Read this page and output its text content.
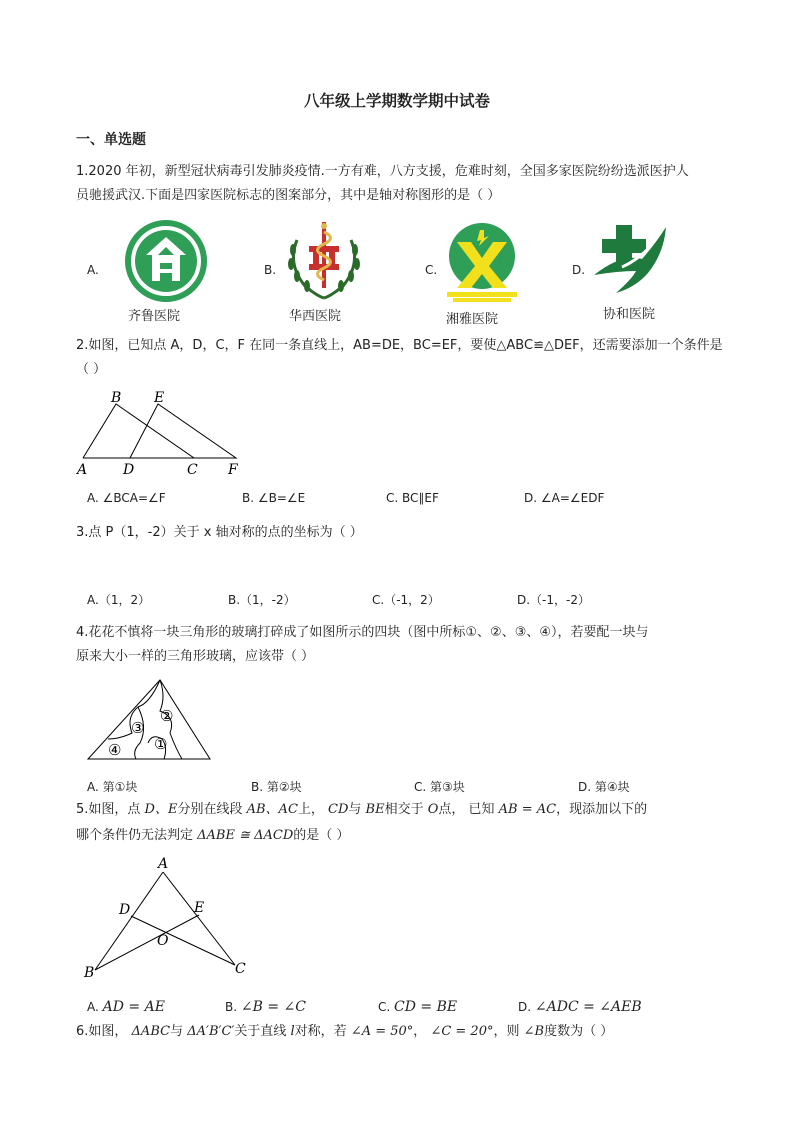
八年级上学期数学期中试卷
一、单选题
1.2020 年初，新型冠状病毒引发肺炎疫情.一方有难，八方支援，危难时刻，全国多家医院纷纷选派医护人
员驰援武汉.下面是四家医院标志的图案部分，其中是轴对称图形的是（ ）
A.
齐鲁医院
B.
华西医院
C.
湘雅医院
D.
协和医院
2.如图，已知点 A，D，C，F 在同一条直线上，AB=DE，BC=EF，要使△ABC≌△DEF，还需要添加一个条件是
（ ）
B E
A	D	C F
A. ∠BCA=∠F	B. ∠B=∠E	C. BC∥EF	D. ∠A=∠EDF
3.点 P（1，-2）关于 x 轴对称的点的坐标为（ ）
A.（1，2）	B.（1，-2）	C.（-1，2）	D.（-1，-2）
4.花花不慎将一块三角形的玻璃打碎成了如图所示的四块（图中所标①、②、③、④），若要配一块与
原来大小一样的三角形玻璃，应该带（ ）
③
②
①
④
A. 第①块	B. 第②块	C. 第③块	D. 第④块
5.如图，点 D、E分别在线段 AB、AC上， CD与 BE相交于 O点， 已知 AB = AC，现添加以下的
哪个条件仍无法判定 ΔABE ≅ ΔACD的是（ ）
A
D	E
O
B	C
A. AD = AE	B. ∠B = ∠C	C. CD = BE	D. ∠ADC = ∠AEB
6.如图， ΔABC与 ΔA′B′C′关于直线 l对称，若 ∠A = 50°， ∠C = 20°，则 ∠B度数为（ ）
